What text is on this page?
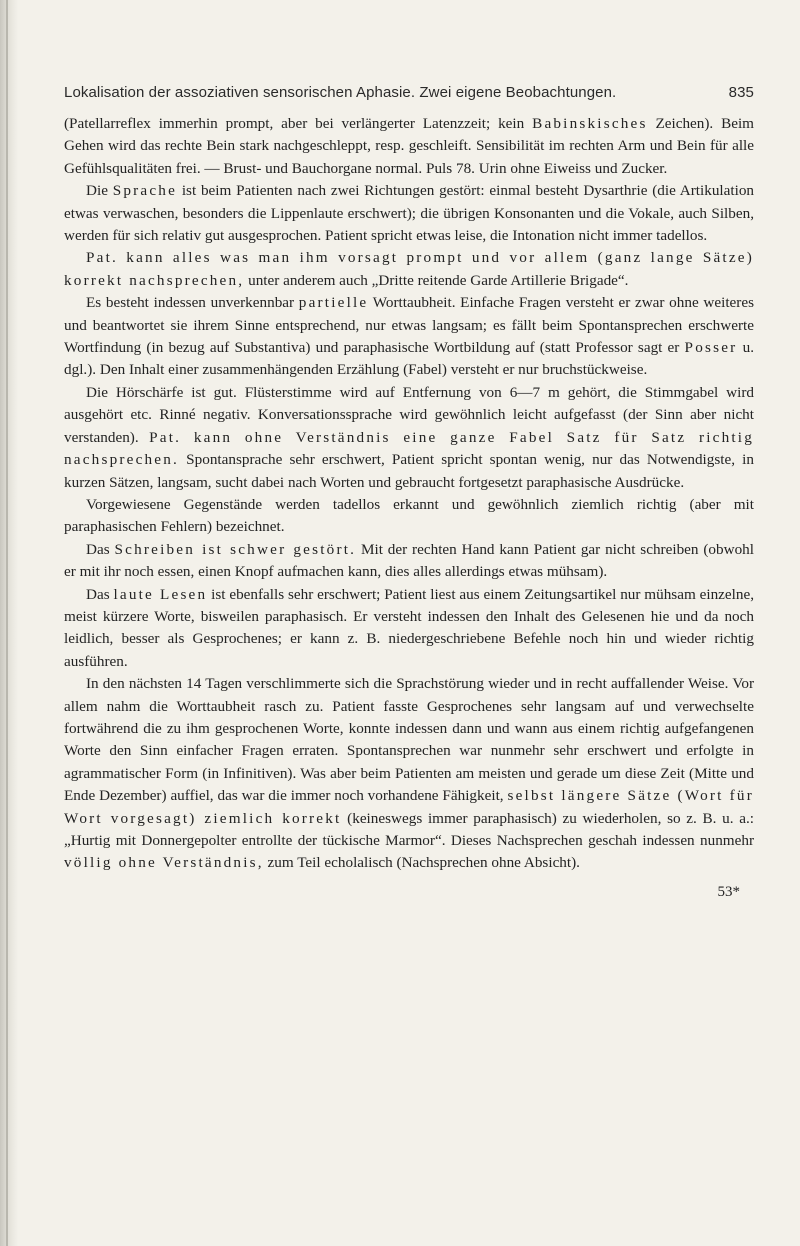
Lokalisation der assoziativen sensorischen Aphasie. Zwei eigene Beobachtungen.	835

(Patellarreflex immerhin prompt, aber bei verlängerter Latenzzeit; kein Babinskisches Zeichen). Beim Gehen wird das rechte Bein stark nachgeschleppt, resp. geschleift. Sensibilität im rechten Arm und Bein für alle Gefühlsqualitäten frei. — Brust- und Bauchorgane normal. Puls 78. Urin ohne Eiweiss und Zucker.

Die Sprache ist beim Patienten nach zwei Richtungen gestört: einmal besteht Dysarthrie (die Artikulation etwas verwaschen, besonders die Lippenlaute erschwert); die übrigen Konsonanten und die Vokale, auch Silben, werden für sich relativ gut ausgesprochen. Patient spricht etwas leise, die Intonation nicht immer tadellos.

Pat. kann alles was man ihm vorsagt prompt und vor allem (ganz lange Sätze) korrekt nachsprechen, unter anderem auch „Dritte reitende Garde Artillerie Brigade“.

Es besteht indessen unverkennbar partielle Worttaubheit. Einfache Fragen versteht er zwar ohne weiteres und beantwortet sie ihrem Sinne entsprechend, nur etwas langsam; es fällt beim Spontansprechen erschwerte Wortfindung (in bezug auf Substantiva) und paraphasische Wortbildung auf (statt Professor sagt er Posser u. dgl.). Den Inhalt einer zusammenhängenden Erzählung (Fabel) versteht er nur bruchstückweise.

Die Hörschärfe ist gut. Flüsterstimme wird auf Entfernung von 6—7 m gehört, die Stimmgabel wird ausgehört etc. Rinné negativ. Konversationssprache wird gewöhnlich leicht aufgefasst (der Sinn aber nicht verstanden). Pat. kann ohne Verständnis eine ganze Fabel Satz für Satz richtig nachsprechen. Spontansprache sehr erschwert, Patient spricht spontan wenig, nur das Notwendigste, in kurzen Sätzen, langsam, sucht dabei nach Worten und gebraucht fortgesetzt paraphasische Ausdrücke.

Vorgewiesene Gegenstände werden tadellos erkannt und gewöhnlich ziemlich richtig (aber mit paraphasischen Fehlern) bezeichnet.

Das Schreiben ist schwer gestört. Mit der rechten Hand kann Patient gar nicht schreiben (obwohl er mit ihr noch essen, einen Knopf aufmachen kann, dies alles allerdings etwas mühsam).

Das laute Lesen ist ebenfalls sehr erschwert; Patient liest aus einem Zeitungsartikel nur mühsam einzelne, meist kürzere Worte, bisweilen paraphasisch. Er versteht indessen den Inhalt des Gelesenen hie und da noch leidlich, besser als Gesprochenes; er kann z. B. niedergeschriebene Befehle noch hin und wieder richtig ausführen.

In den nächsten 14 Tagen verschlimmerte sich die Sprachstörung wieder und in recht auffallender Weise. Vor allem nahm die Worttaubheit rasch zu. Patient fasste Gesprochenes sehr langsam auf und verwechselte fortwährend die zu ihm gesprochenen Worte, konnte indessen dann und wann aus einem richtig aufgefangenen Worte den Sinn einfacher Fragen erraten. Spontansprechen war nunmehr sehr erschwert und erfolgte in agrammatischer Form (in Infinitiven). Was aber beim Patienten am meisten und gerade um diese Zeit (Mitte und Ende Dezember) auffiel, das war die immer noch vorhandene Fähigkeit, selbst längere Sätze (Wort für Wort vorgesagt) ziemlich korrekt (keineswegs immer paraphasisch) zu wiederholen, so z. B. u. a.: „Hurtig mit Donnergepolter entrollte der tückische Marmor“. Dieses Nachsprechen geschah indessen nunmehr völlig ohne Verständnis, zum Teil echolalisch (Nachsprechen ohne Absicht).

53*
